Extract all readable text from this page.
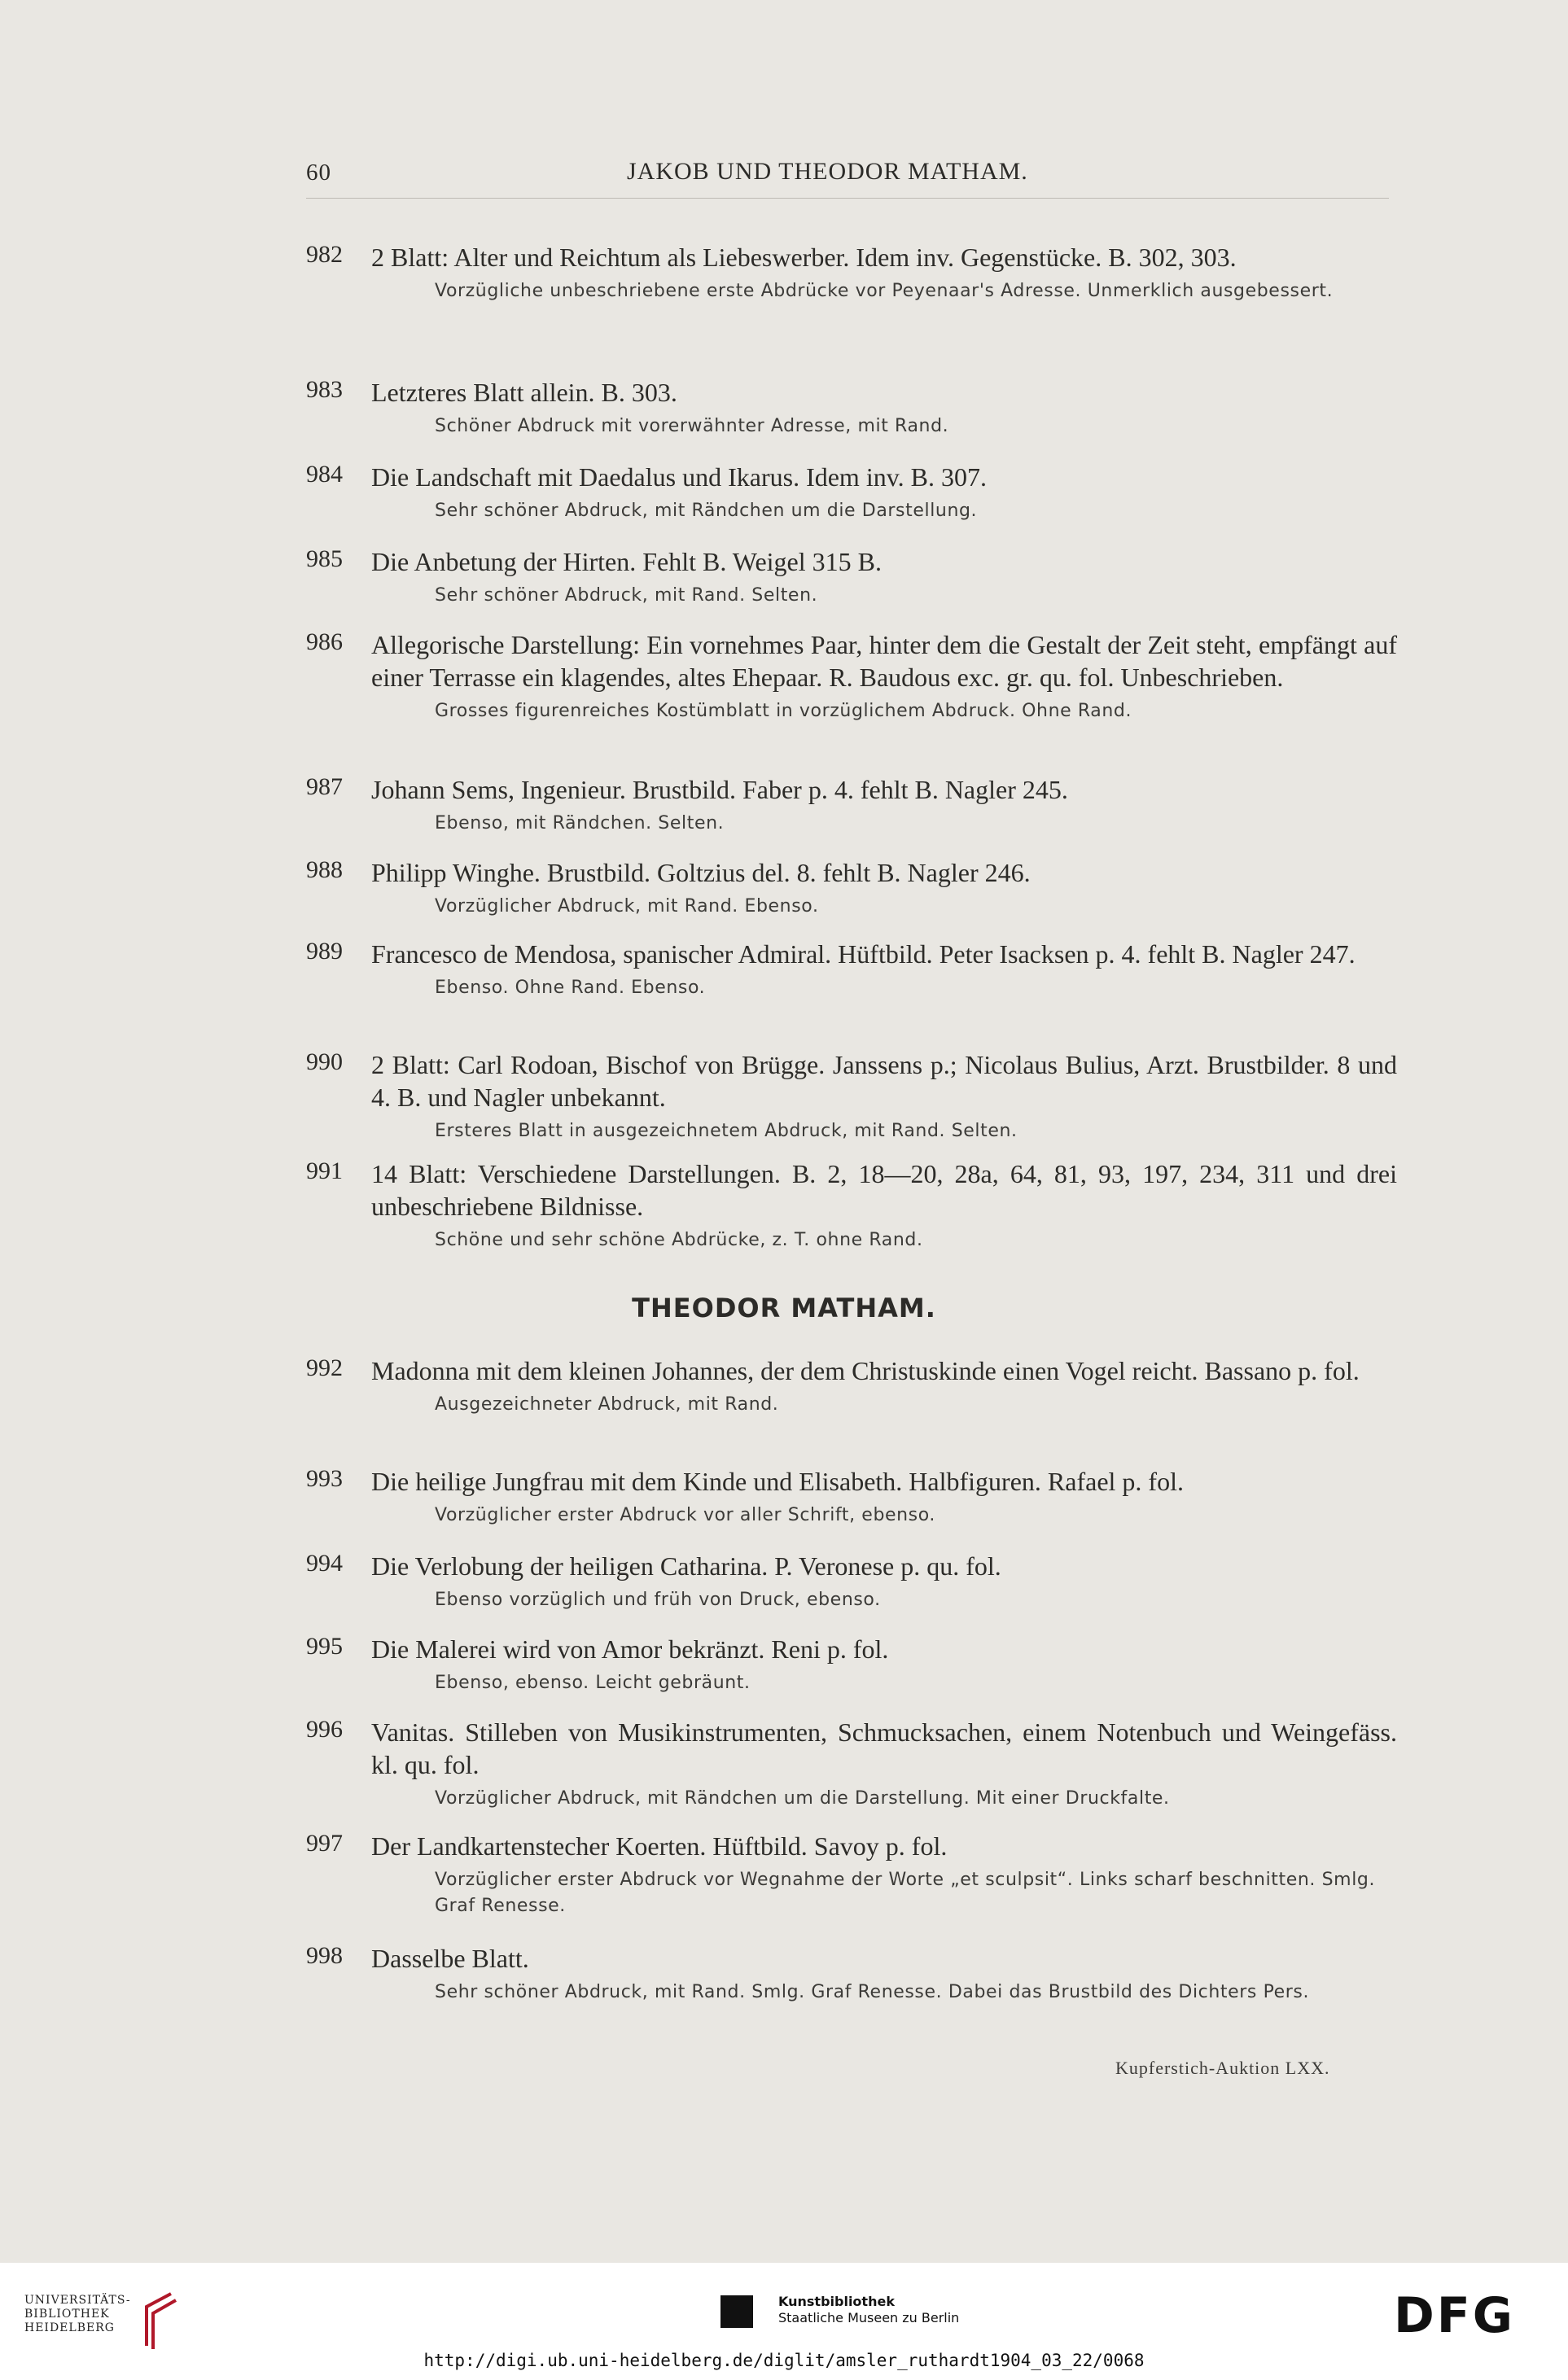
60	JAKOB UND THEODOR MATHAM.
982 2 Blatt: Alter und Reichtum als Liebeswerber. Idem inv. Gegenstücke. B. 302, 303.
Vorzügliche unbeschriebene erste Abdrücke vor Peyenaar's Adresse. Unmerklich ausgebessert.
983 Letzteres Blatt allein. B. 303.
Schöner Abdruck mit vorerwähnter Adresse, mit Rand.
984 Die Landschaft mit Daedalus und Ikarus. Idem inv. B. 307.
Sehr schöner Abdruck, mit Rändchen um die Darstellung.
985 Die Anbetung der Hirten. Fehlt B. Weigel 315 B.
Sehr schöner Abdruck, mit Rand. Selten.
986 Allegorische Darstellung: Ein vornehmes Paar, hinter dem die Gestalt der Zeit steht, empfängt auf einer Terrasse ein klagendes, altes Ehepaar. R. Baudous exc. gr. qu. fol. Unbeschrieben.
Grosses figurenreiches Kostümblatt in vorzüglichem Abdruck. Ohne Rand.
987 Johann Sems, Ingenieur. Brustbild. Faber p. 4. fehlt B. Nagler 245.
Ebenso, mit Rändchen. Selten.
988 Philipp Winghe. Brustbild. Goltzius del. 8. fehlt B. Nagler 246.
Vorzüglicher Abdruck, mit Rand. Ebenso.
989 Francesco de Mendosa, spanischer Admiral. Hüftbild. Peter Isacksen p. 4. fehlt B. Nagler 247.
Ebenso. Ohne Rand. Ebenso.
990 2 Blatt: Carl Rodoan, Bischof von Brügge. Janssens p.; Nicolaus Bulius, Arzt. Brustbilder. 8 und 4. B. und Nagler unbekannt.
Ersteres Blatt in ausgezeichnetem Abdruck, mit Rand. Selten.
991 14 Blatt: Verschiedene Darstellungen. B. 2, 18—20, 28a, 64, 81, 93, 197, 234, 311 und drei unbeschriebene Bildnisse.
Schöne und sehr schöne Abdrücke, z. T. ohne Rand.
THEODOR MATHAM.
992 Madonna mit dem kleinen Johannes, der dem Christuskinde einen Vogel reicht. Bassano p. fol.
Ausgezeichneter Abdruck, mit Rand.
993 Die heilige Jungfrau mit dem Kinde und Elisabeth. Halbfiguren. Rafael p. fol.
Vorzüglicher erster Abdruck vor aller Schrift, ebenso.
994 Die Verlobung der heiligen Catharina. P. Veronese p. qu. fol.
Ebenso vorzüglich und früh von Druck, ebenso.
995 Die Malerei wird von Amor bekränzt. Reni p. fol.
Ebenso, ebenso. Leicht gebräunt.
996 Vanitas. Stilleben von Musikinstrumenten, Schmucksachen, einem Notenbuch und Weingefäss. kl. qu. fol.
Vorzüglicher Abdruck, mit Rändchen um die Darstellung. Mit einer Druckfalte.
997 Der Landkartenstecher Koerten. Hüftbild. Savoy p. fol.
Vorzüglicher erster Abdruck vor Wegnahme der Worte „et sculpsit“. Links scharf beschnitten. Smlg. Graf Renesse.
998 Dasselbe Blatt.
Sehr schöner Abdruck, mit Rand. Smlg. Graf Renesse. Dabei das Brustbild des Dichters Pers.
Kupferstich-Auktion LXX.
UNIVERSITÄTS-
BIBLIOTHEK
HEIDELBERG
Kunstbibliothek
Staatliche Museen zu Berlin	DFG
http://digi.ub.uni-heidelberg.de/diglit/amsler_ruthardt1904_03_22/0068
